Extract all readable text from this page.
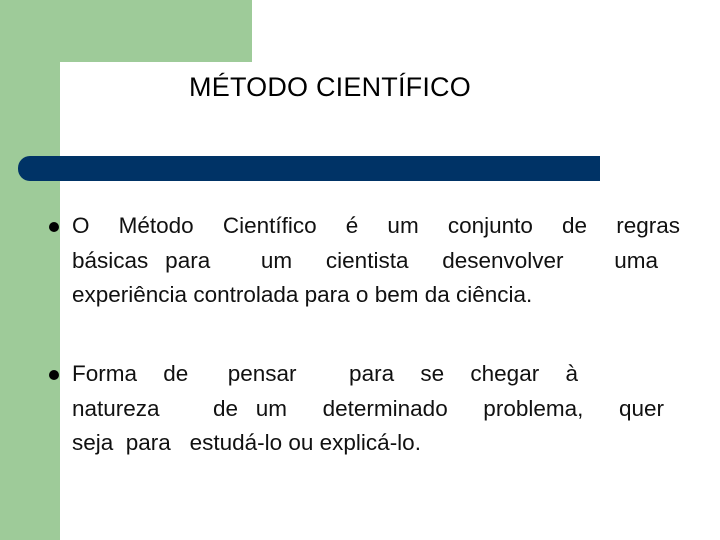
MÉTODO CIENTÍFICO
O  Método  Científico  é  um  conjunto  de  regras
básicas para   um  cientista  desenvolver   uma
experiência controlada para o bem da ciência.
Forma  de   pensar    para  se  chegar  à
natureza   de um  determinado  problema,  quer
seja  para   estudá-lo ou explicá-lo.
